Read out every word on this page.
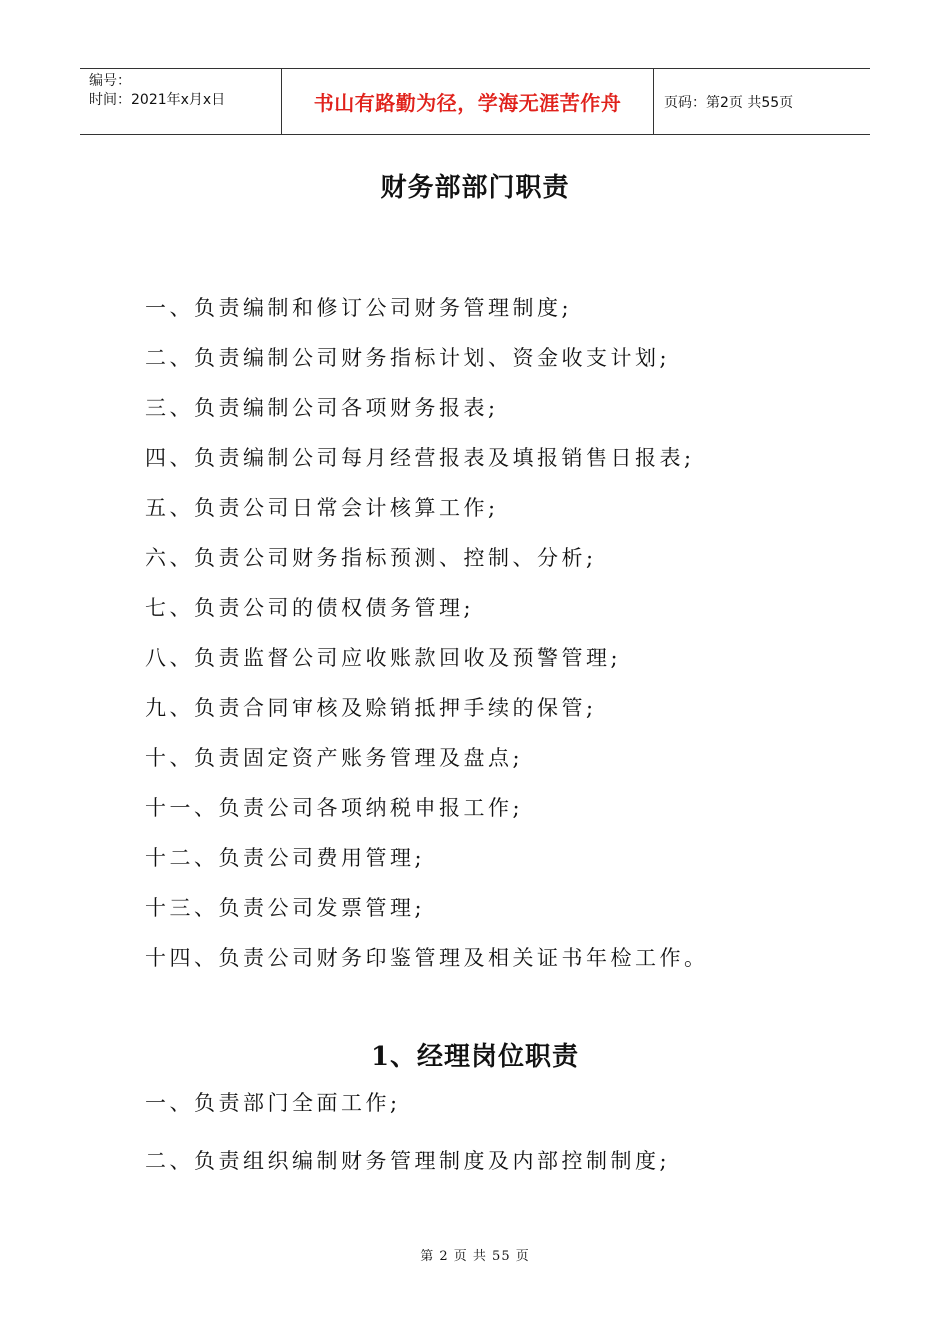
编号：
时间：2021年x月x日	书山有路勤为径，学海无涯苦作舟	页码：第2页 共55页
财务部部门职责
一、负责编制和修订公司财务管理制度;
二、负责编制公司财务指标计划、资金收支计划;
三、负责编制公司各项财务报表;
四、负责编制公司每月经营报表及填报销售日报表;
五、负责公司日常会计核算工作;
六、负责公司财务指标预测、控制、分析;
七、负责公司的债权债务管理;
八、负责监督公司应收账款回收及预警管理;
九、负责合同审核及赊销抵押手续的保管;
十、负责固定资产账务管理及盘点;
十一、负责公司各项纳税申报工作;
十二、负责公司费用管理;
十三、负责公司发票管理;
十四、负责公司财务印鉴管理及相关证书年检工作。
1、经理岗位职责
一、负责部门全面工作;
二、负责组织编制财务管理制度及内部控制制度;
第 2 页 共 55 页
